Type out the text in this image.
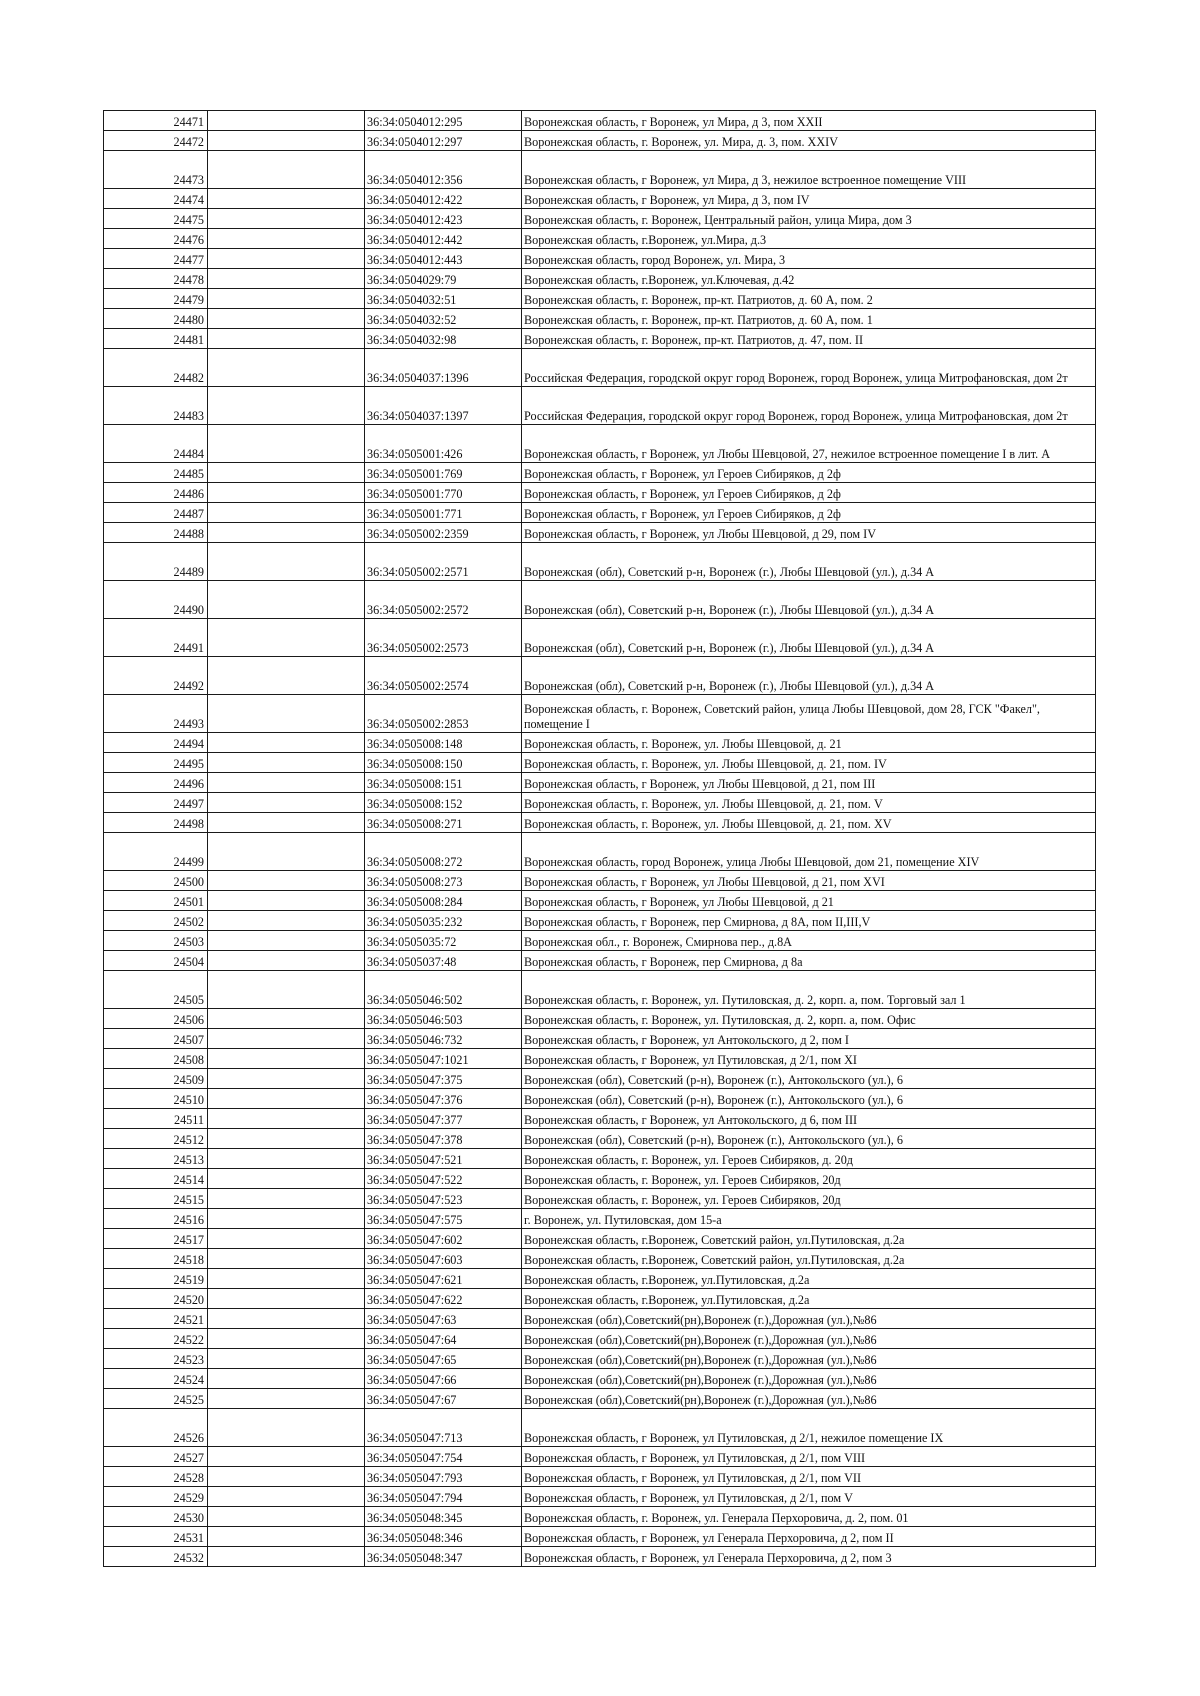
24471		36:34:0504012:295	Воронежская область, г Воронеж, ул Мира, д 3, пом XXII
24472		36:34:0504012:297	Воронежская область, г. Воронеж, ул. Мира, д. 3, пом. XXIV
24473		36:34:0504012:356	Воронежская область, г Воронеж, ул Мира, д 3, нежилое встроенное помещение VIII
24474		36:34:0504012:422	Воронежская область, г Воронеж, ул Мира, д 3, пом IV
24475		36:34:0504012:423	Воронежская область, г. Воронеж, Центральный район, улица Мира, дом 3
24476		36:34:0504012:442	Воронежская область, г.Воронеж, ул.Мира, д.3
24477		36:34:0504012:443	Воронежская область, город Воронеж, ул. Мира, 3
24478		36:34:0504029:79	Воронежская область, г.Воронеж, ул.Ключевая, д.42
24479		36:34:0504032:51	Воронежская область, г. Воронеж, пр-кт. Патриотов, д. 60 А, пом. 2
24480		36:34:0504032:52	Воронежская область, г. Воронеж, пр-кт. Патриотов, д. 60 А, пом. 1
24481		36:34:0504032:98	Воронежская область, г. Воронеж, пр-кт. Патриотов, д. 47, пом. II
24482		36:34:0504037:1396	Российская Федерация, городской округ город Воронеж, город Воронеж, улица Митрофановская, дом 2т
24483		36:34:0504037:1397	Российская Федерация, городской округ город Воронеж, город Воронеж, улица Митрофановская, дом 2т
24484		36:34:0505001:426	Воронежская область, г Воронеж, ул Любы Шевцовой, 27, нежилое встроенное помещение I в лит. А
24485		36:34:0505001:769	Воронежская область, г Воронеж, ул Героев Сибиряков, д 2ф
24486		36:34:0505001:770	Воронежская область, г Воронеж, ул Героев Сибиряков, д 2ф
24487		36:34:0505001:771	Воронежская область, г Воронеж, ул Героев Сибиряков, д 2ф
24488		36:34:0505002:2359	Воронежская область, г Воронеж, ул Любы Шевцовой, д 29, пом IV
24489		36:34:0505002:2571	Воронежская (обл), Советский р-н, Воронеж (г.), Любы Шевцовой (ул.), д.34 А
24490		36:34:0505002:2572	Воронежская (обл), Советский р-н, Воронеж (г.), Любы Шевцовой (ул.), д.34 А
24491		36:34:0505002:2573	Воронежская (обл), Советский р-н, Воронеж (г.), Любы Шевцовой (ул.), д.34 А
24492		36:34:0505002:2574	Воронежская (обл), Советский р-н, Воронеж (г.), Любы Шевцовой (ул.), д.34 А
24493		36:34:0505002:2853	Воронежская область, г. Воронеж, Советский район, улица Любы Шевцовой, дом 28, ГСК "Факел", помещение I
24494		36:34:0505008:148	Воронежская область, г. Воронеж, ул. Любы Шевцовой, д. 21
24495		36:34:0505008:150	Воронежская область, г. Воронеж, ул. Любы Шевцовой, д. 21, пом. IV
24496		36:34:0505008:151	Воронежская область, г Воронеж, ул Любы Шевцовой, д 21, пом III
24497		36:34:0505008:152	Воронежская область, г. Воронеж, ул. Любы Шевцовой, д. 21, пом. V
24498		36:34:0505008:271	Воронежская область, г. Воронеж, ул. Любы Шевцовой, д. 21, пом. XV
24499		36:34:0505008:272	Воронежская область, город Воронеж, улица Любы Шевцовой, дом 21, помещение XIV
24500		36:34:0505008:273	Воронежская область, г Воронеж, ул Любы Шевцовой, д 21, пом XVI
24501		36:34:0505008:284	Воронежская область, г Воронеж, ул Любы Шевцовой, д 21
24502		36:34:0505035:232	Воронежская область, г Воронеж, пер Смирнова, д 8А, пом II,III,V
24503		36:34:0505035:72	Воронежская обл., г. Воронеж, Смирнова пер., д.8А
24504		36:34:0505037:48	Воронежская область, г Воронеж, пер Смирнова, д 8а
24505		36:34:0505046:502	Воронежская область, г. Воронеж, ул. Путиловская, д. 2, корп. а, пом. Торговый зал 1
24506		36:34:0505046:503	Воронежская область, г. Воронеж, ул. Путиловская, д. 2, корп. а, пом. Офис
24507		36:34:0505046:732	Воронежская область, г Воронеж, ул Антокольского, д 2, пом I
24508		36:34:0505047:1021	Воронежская область, г Воронеж, ул Путиловская, д 2/1, пом XI
24509		36:34:0505047:375	Воронежская (обл), Советский (р-н), Воронеж (г.), Антокольского (ул.), 6
24510		36:34:0505047:376	Воронежская (обл), Советский (р-н), Воронеж (г.), Антокольского (ул.), 6
24511		36:34:0505047:377	Воронежская область, г Воронеж, ул Антокольского, д 6, пом III
24512		36:34:0505047:378	Воронежская (обл), Советский (р-н), Воронеж (г.), Антокольского (ул.), 6
24513		36:34:0505047:521	Воронежская область, г. Воронеж, ул. Героев Сибиряков, д. 20д
24514		36:34:0505047:522	Воронежская область, г. Воронеж, ул. Героев Сибиряков, 20д
24515		36:34:0505047:523	Воронежская область, г. Воронеж, ул. Героев Сибиряков, 20д
24516		36:34:0505047:575	г. Воронеж, ул. Путиловская, дом 15-а
24517		36:34:0505047:602	Воронежская область, г.Воронеж, Советский район, ул.Путиловская, д.2а
24518		36:34:0505047:603	Воронежская область, г.Воронеж, Советский район, ул.Путиловская, д.2а
24519		36:34:0505047:621	Воронежская область, г.Воронеж, ул.Путиловская, д.2а
24520		36:34:0505047:622	Воронежская область, г.Воронеж, ул.Путиловская, д.2а
24521		36:34:0505047:63	Воронежская (обл),Советский(рн),Воронеж (г.),Дорожная (ул.),№86
24522		36:34:0505047:64	Воронежская (обл),Советский(рн),Воронеж (г.),Дорожная (ул.),№86
24523		36:34:0505047:65	Воронежская (обл),Советский(рн),Воронеж (г.),Дорожная (ул.),№86
24524		36:34:0505047:66	Воронежская (обл),Советский(рн),Воронеж (г.),Дорожная (ул.),№86
24525		36:34:0505047:67	Воронежская (обл),Советский(рн),Воронеж (г.),Дорожная (ул.),№86
24526		36:34:0505047:713	Воронежская область, г Воронеж, ул Путиловская, д 2/1, нежилое помещение IX
24527		36:34:0505047:754	Воронежская область, г Воронеж, ул Путиловская, д 2/1, пом VIII
24528		36:34:0505047:793	Воронежская область, г Воронеж, ул Путиловская, д 2/1, пом VII
24529		36:34:0505047:794	Воронежская область, г Воронеж, ул Путиловская, д 2/1, пом V
24530		36:34:0505048:345	Воронежская область, г. Воронеж, ул. Генерала Перхоровича, д. 2, пом. 01
24531		36:34:0505048:346	Воронежская область, г Воронеж, ул Генерала Перхоровича, д 2, пом II
24532		36:34:0505048:347	Воронежская область, г Воронеж, ул Генерала Перхоровича, д 2, пом 3
